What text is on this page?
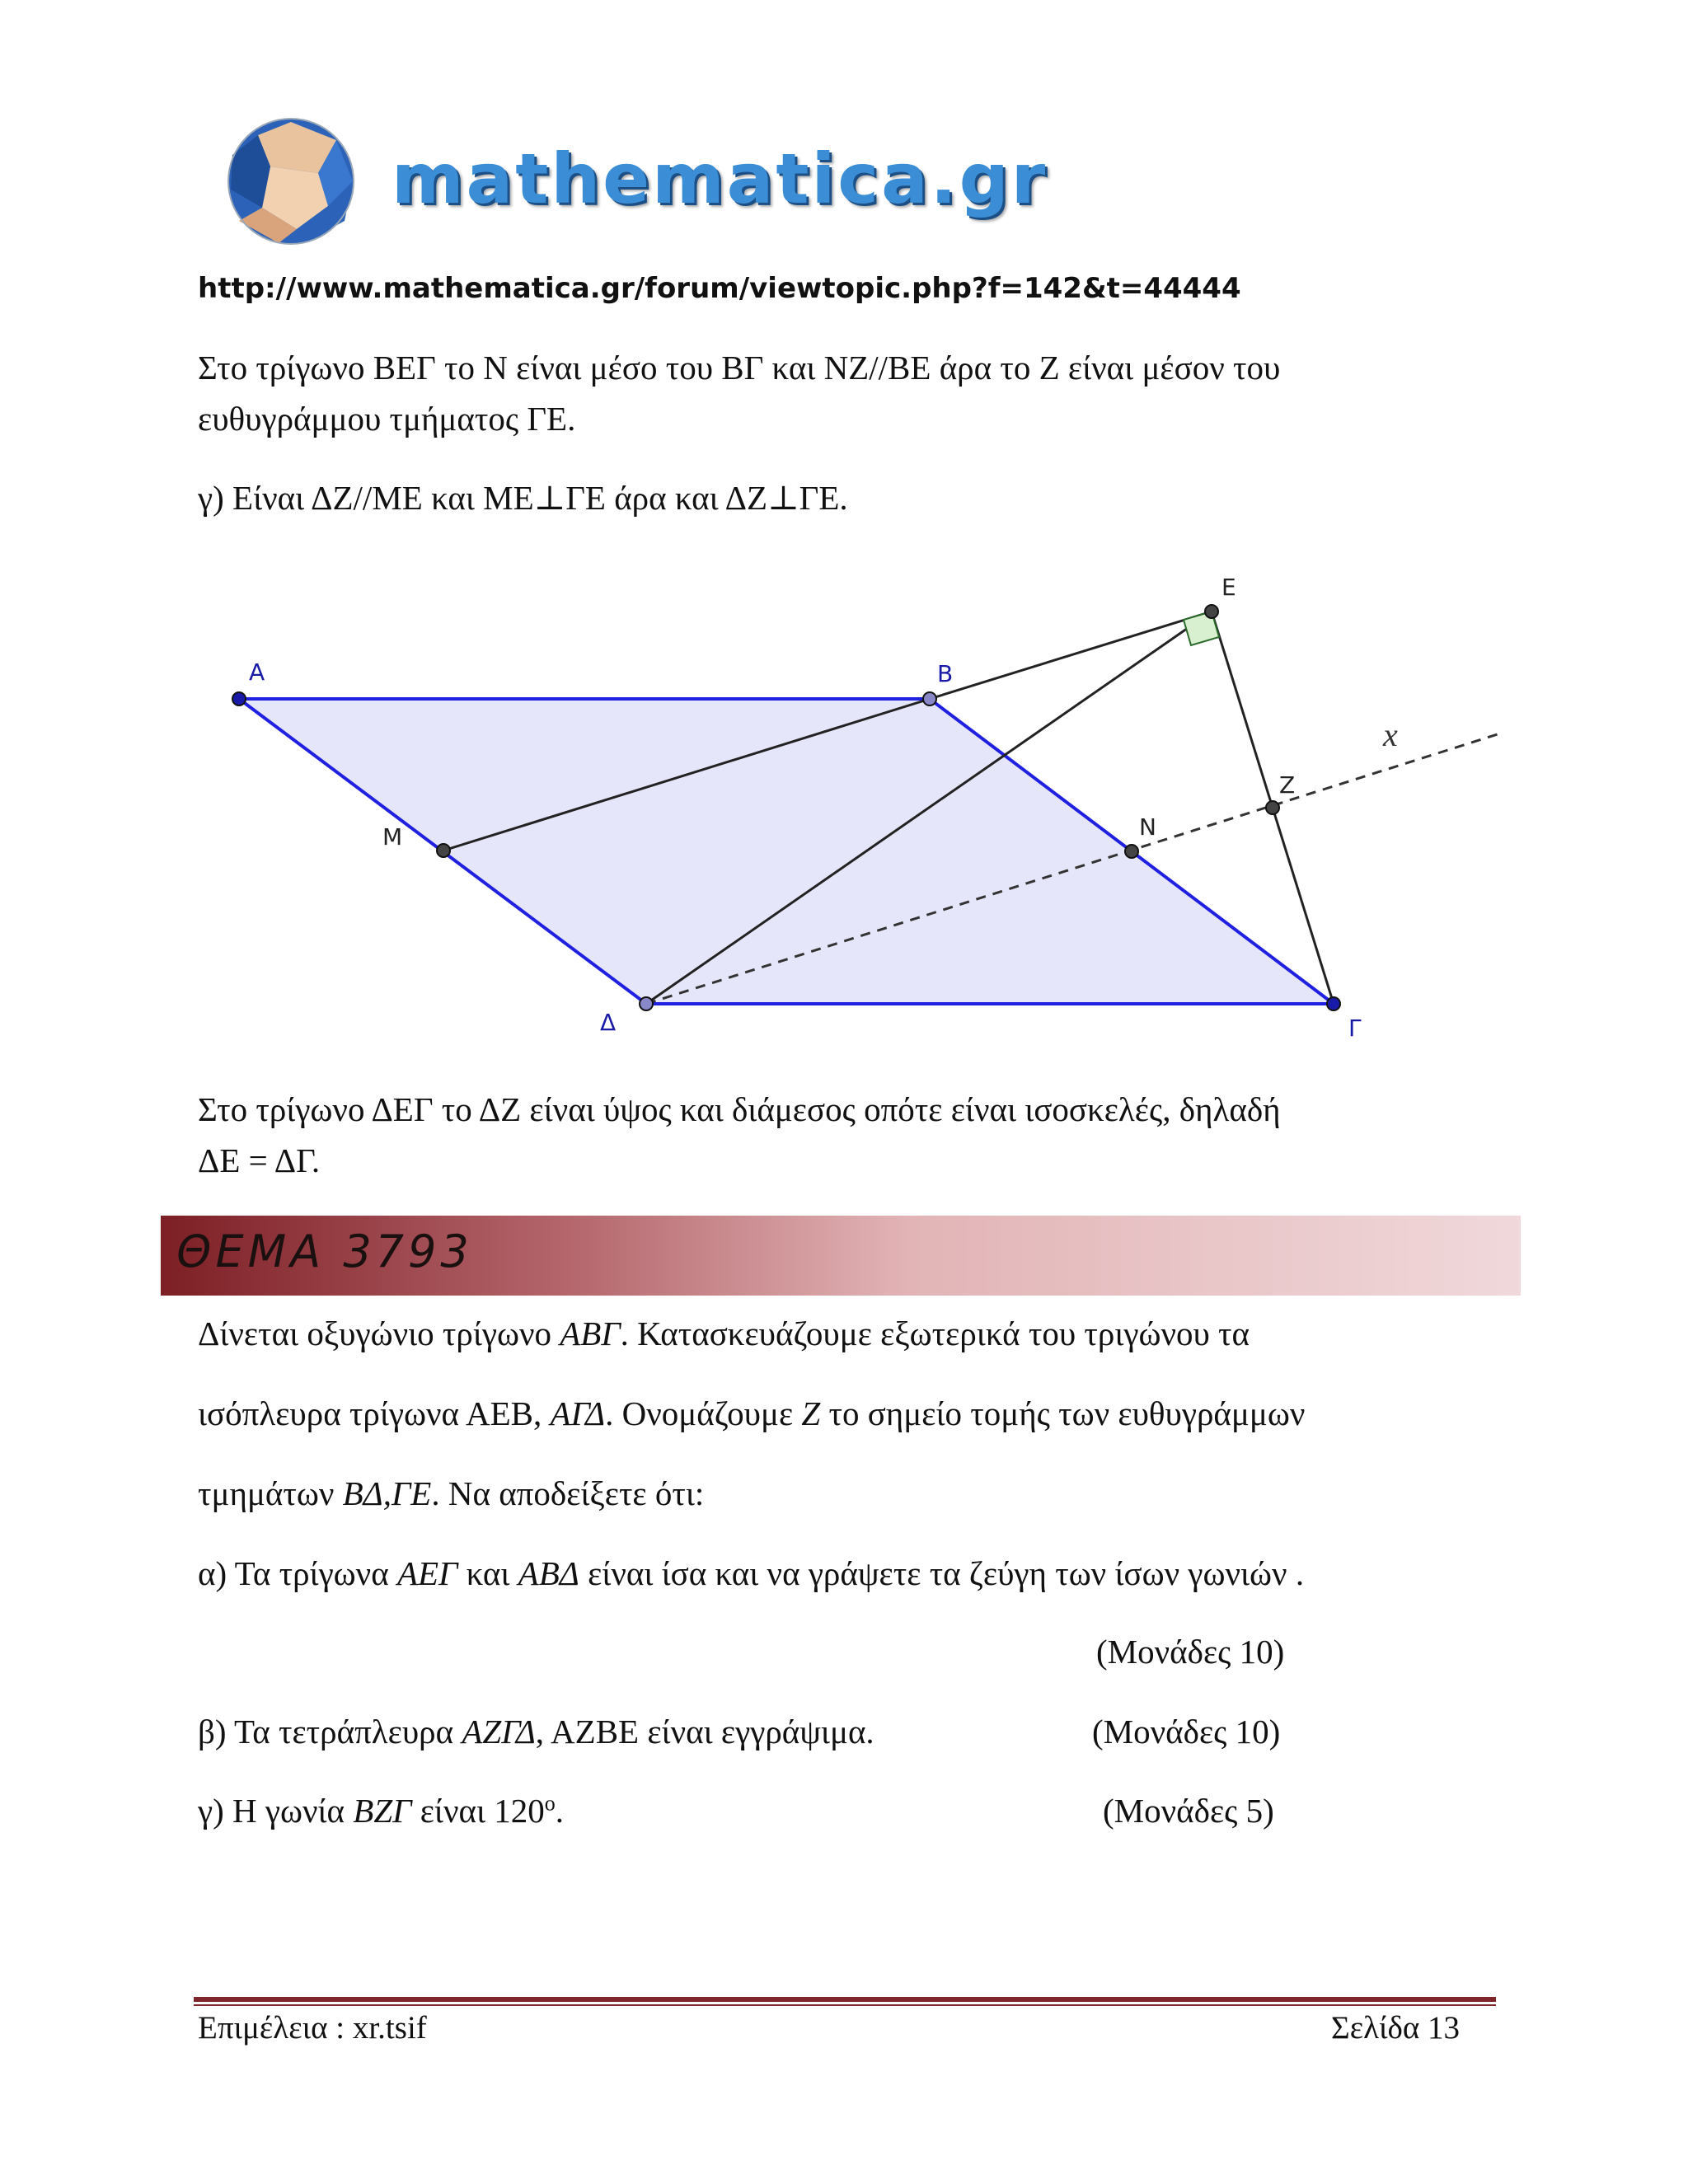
mathematica.gr
http://www.mathematica.gr/forum/viewtopic.php?f=142&t=44444
Στο τρίγωνο ΒΕΓ το Ν είναι μέσο του ΒΓ και ΝΖ//ΒΕ άρα το Ζ είναι μέσον του
ευθυγράμμου τμήματος ΓΕ.
γ) Είναι ΔΖ//ΜΕ και ΜΕ⊥ΓΕ άρα και ΔΖ⊥ΓΕ.
x
A	B
E
Z
N
M
Δ	Γ
Στο τρίγωνο ΔΕΓ το ΔΖ είναι ύψος και διάμεσος οπότε είναι ισοσκελές, δηλαδή
ΔΕ = ΔΓ.
ΘΕΜΑ 3793
Δίνεται οξυγώνιο τρίγωνο ΑΒΓ. Κατασκευάζουμε εξωτερικά του τριγώνου τα
ισόπλευρα τρίγωνα ΑΕΒ, ΑΓΔ. Ονομάζουμε Ζ το σημείο τομής των ευθυγράμμων
τμημάτων ΒΔ,ΓΕ. Να αποδείξετε ότι:
α) Τα τρίγωνα ΑΕΓ και ΑΒΔ είναι ίσα και να γράψετε τα ζεύγη των ίσων γωνιών .
(Μονάδες 10)
β) Τα τετράπλευρα ΑΖΓΔ, ΑΖΒΕ είναι εγγράψιμα.	(Μονάδες 10)
γ) Η γωνία ΒΖΓ είναι 120$^o$.	(Μονάδες 5)
Επιμέλεια : xr.tsif	Σελίδα 13
